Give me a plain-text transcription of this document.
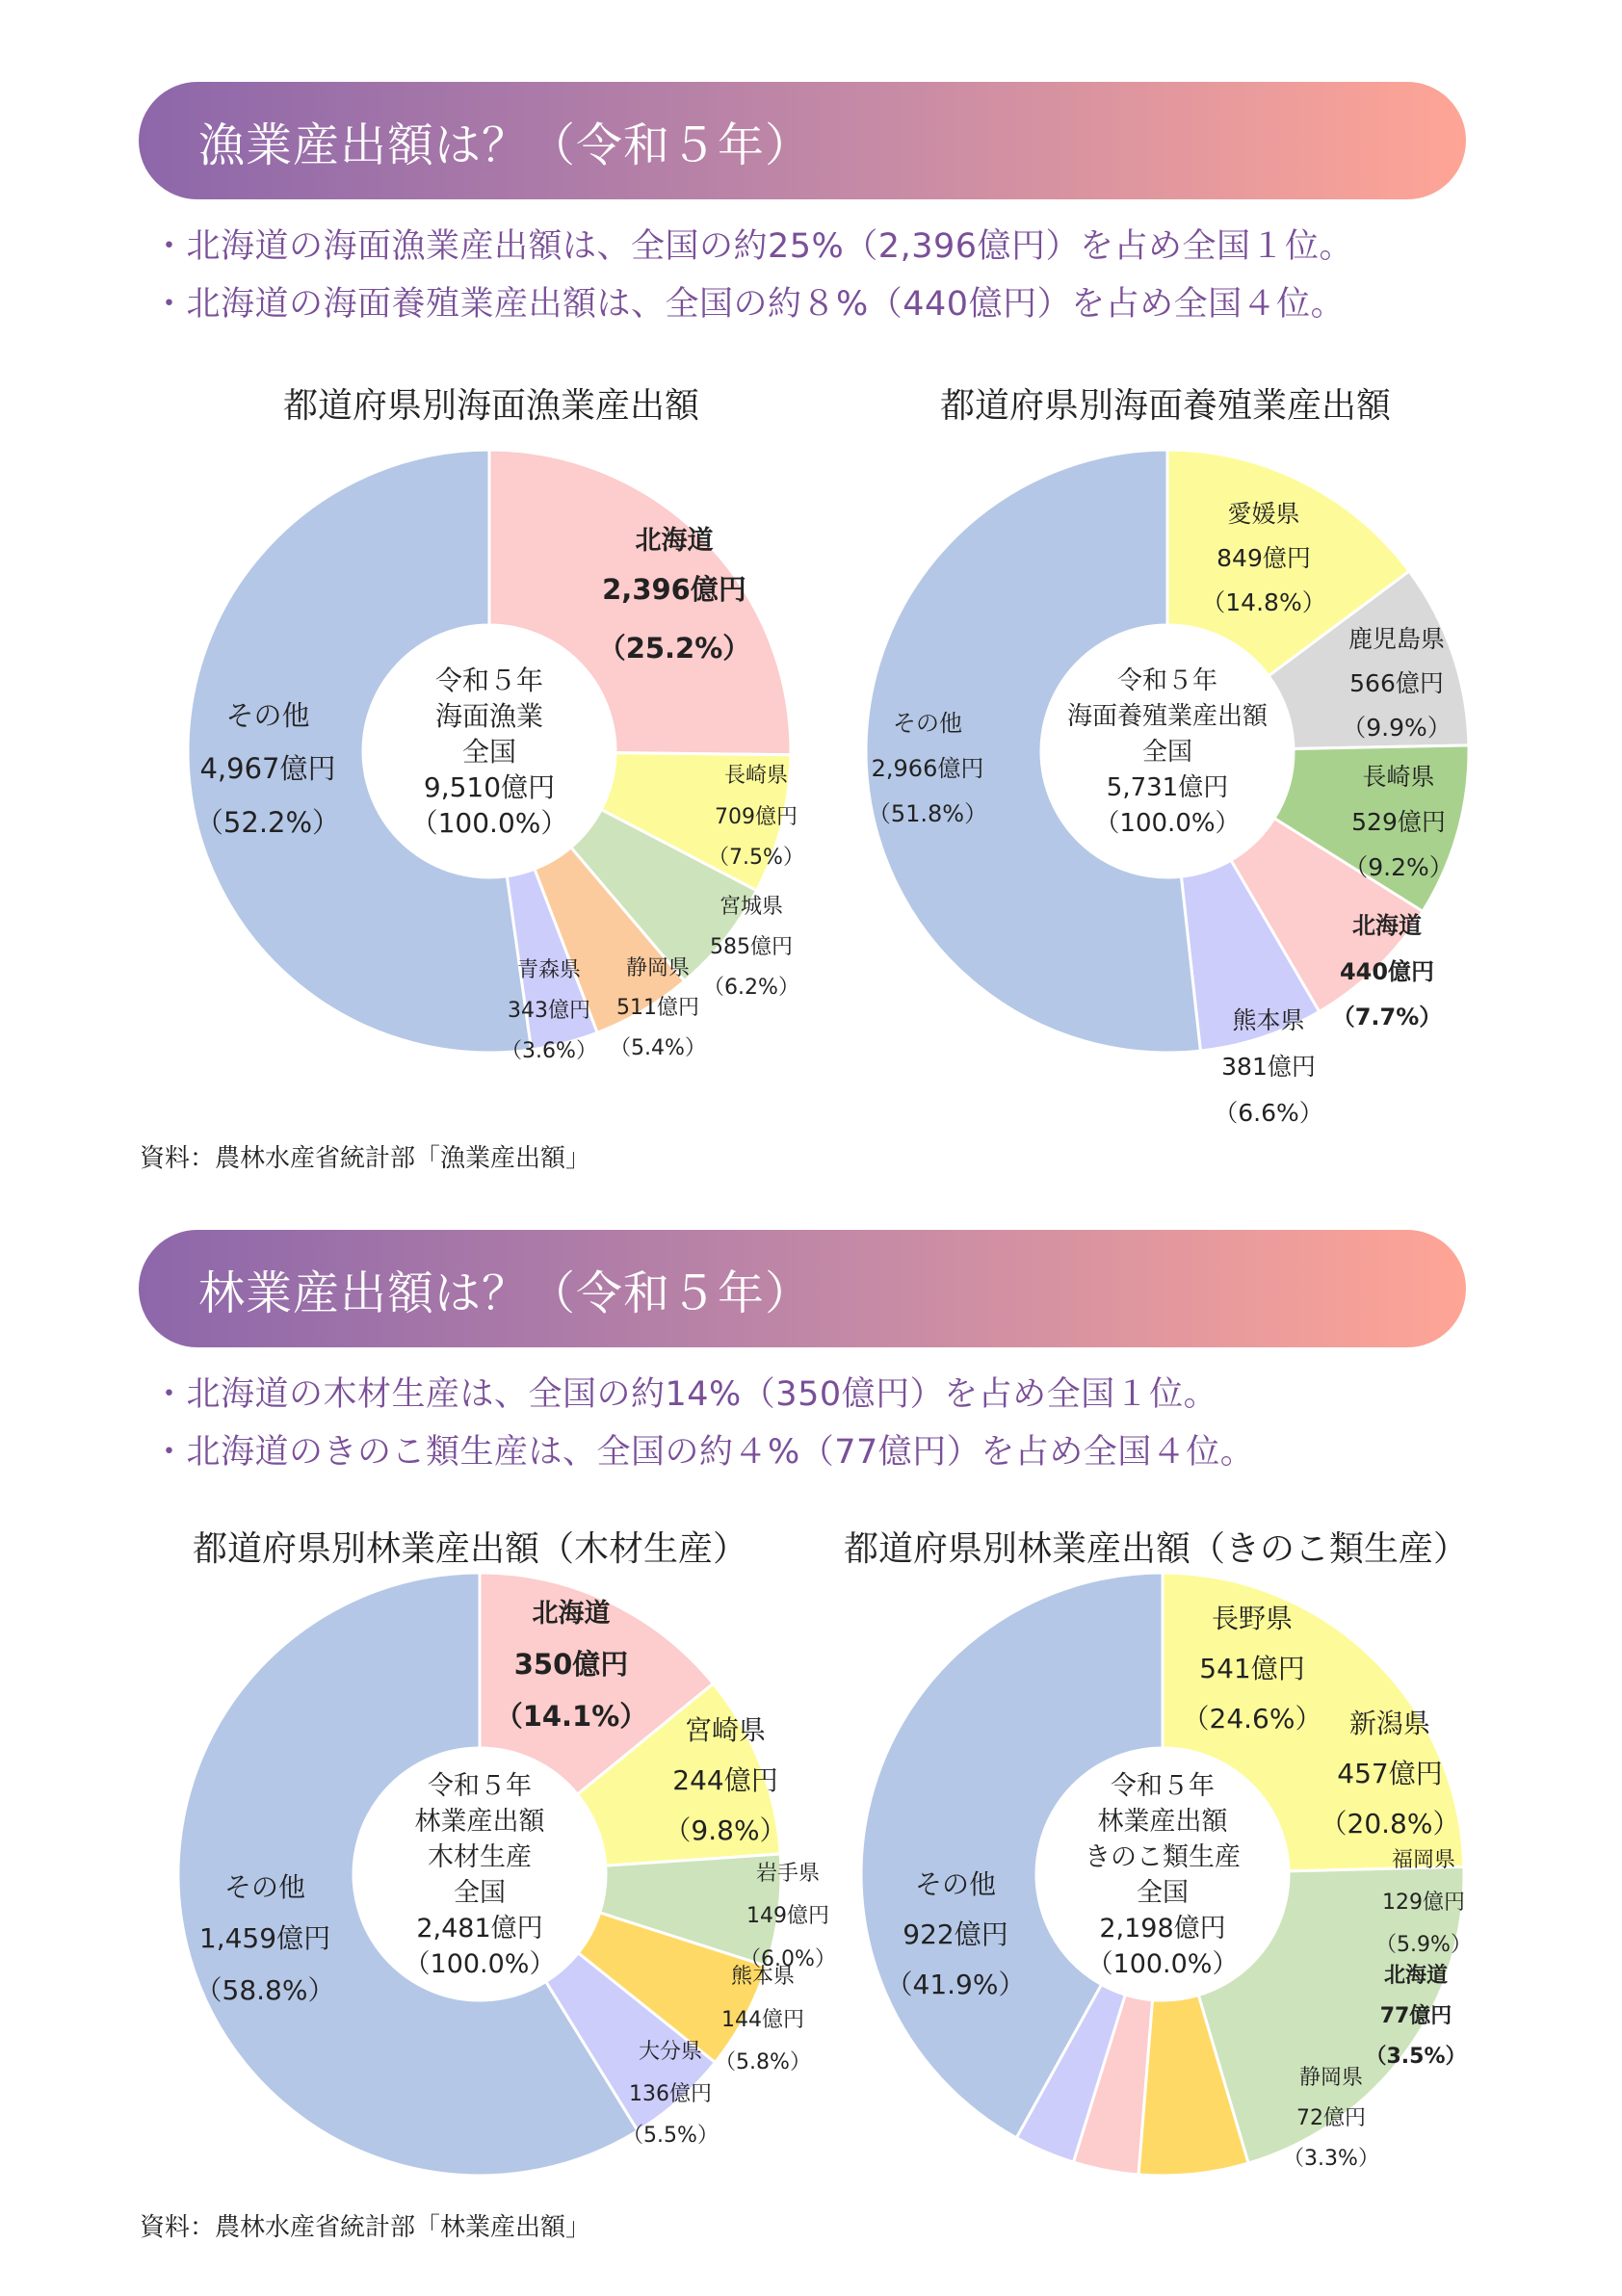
漁業産出額は？（令和５年）
・北海道の海面漁業産出額は、全国の約25%（2,396億円）を占め全国１位。
・北海道の海面養殖業産出額は、全国の約８%（440億円）を占め全国４位。
都道府県別海面漁業産出額	都道府県別海面養殖業産出額
資料：農林水産省統計部「漁業産出額」
林業産出額は？（令和５年）
・北海道の木材生産は、全国の約14%（350億円）を占め全国１位。
・北海道のきのこ類生産は、全国の約４%（77億円）を占め全国４位。
都道府県別林業産出額（木材生産）	都道府県別林業産出額（きのこ類生産）
資料：農林水産省統計部「林業産出額」
令和５年
海面漁業
全国
9,510億円
（100.0%）
北海道
2,396億円
（25.2%）
長崎県
709億円
（7.5%）
宮城県
585億円
（6.2%）
静岡県
511億円
（5.4%）
青森県
343億円
（3.6%）
その他
4,967億円
（52.2%）
令和５年
海面養殖業産出額
全国
5,731億円
（100.0%）
愛媛県
849億円
（14.8%）
鹿児島県
566億円
（9.9%）
長崎県
529億円
（9.2%）
北海道
440億円
（7.7%）
熊本県
381億円
（6.6%）
その他
2,966億円
（51.8%）
令和５年
林業産出額
木材生産
全国
2,481億円
（100.0%）
北海道
350億円
（14.1%） 宮崎県
244億円
（9.8%）
岩手県
149億円
（6.0%）
熊本県
144億円
（5.8%）
大分県
136億円
（5.5%）
その他
1,459億円
（58.8%）
令和５年
林業産出額
きのこ類生産
全国
2,198億円
（100.0%）
長野県
541億円
（24.6%） 新潟県
457億円
（20.8%）
福岡県
129億円
（5.9%）
北海道
77億円
（3.5%）
静岡県
72億円
（3.3%）
その他
922億円
（41.9%）
